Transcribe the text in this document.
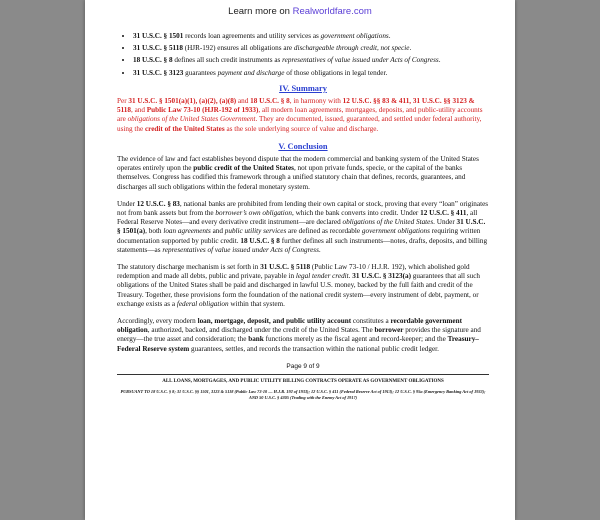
Learn more on Realworldfare.com
• 31 U.S.C. § 1501 records loan agreements and utility services as government obligations.
• 31 U.S.C. § 5118 (HJR-192) ensures all obligations are dischargeable through credit, not specie.
• 18 U.S.C. § 8 defines all such credit instruments as representatives of value issued under Acts of Congress.
• 31 U.S.C. § 3123 guarantees payment and discharge of those obligations in legal tender.
IV. Summary

Per 31 U.S.C. § 1501(a)(1), (a)(2), (a)(8) and 18 U.S.C. § 8, in harmony with 12 U.S.C. §§ 83 & 411, 31 U.S.C. §§ 3123 & 5118, and Public Law 73-10 (HJR-192 of 1933), all modern loan agreements, mortgages, deposits, and public-utility accounts are obligations of the United States Government. They are documented, issued, guaranteed, and settled under federal authority, using the credit of the United States as the sole underlying source of value and discharge.

V. Conclusion

The evidence of law and fact establishes beyond dispute that the modern commercial and banking system of the United States operates entirely upon the public credit of the United States, not upon private funds, specie, or the capital of the banks themselves. Congress has codified this framework through a unified statutory chain that defines, records, guarantees, and discharges all such obligations within the federal monetary system.

Under 12 U.S.C. § 83, national banks are prohibited from lending their own capital or stock, proving that every “loan” originates not from bank assets but from the borrower’s own obligation, which the bank converts into credit. Under 12 U.S.C. § 411, all Federal Reserve Notes—and every derivative credit instrument—are declared obligations of the United States. Under 31 U.S.C. § 1501(a), both loan agreements and public utility services are defined as recordable government obligations requiring written documentation supported by public credit. 18 U.S.C. § 8 further defines all such instruments—notes, drafts, deposits, and billing statements—as representatives of value issued under Acts of Congress.

The statutory discharge mechanism is set forth in 31 U.S.C. § 5118 (Public Law 73-10 / H.J.R. 192), which abolished gold redemption and made all debts, public and private, payable in legal tender credit. 31 U.S.C. § 3123(a) guarantees that all such obligations of the United States shall be paid and discharged in lawful U.S. money, backed by the full faith and credit of the Treasury. Together, these provisions form the foundation of the national credit system—every instrument of debt, payment, or exchange exists as a federal obligation within that system.

Accordingly, every modern loan, mortgage, deposit, and public utility account constitutes a recordable government obligation, authorized, backed, and discharged under the credit of the United States. The borrower provides the signature and energy—the true asset and consideration; the bank functions merely as the fiscal agent and record-keeper; and the Treasury–Federal Reserve system guarantees, settles, and records the transaction within the national public credit ledger.

Page 9 of 9
ALL LOANS, MORTGAGES, AND PUBLIC UTILITY BILLING CONTRACTS OPERATE AS GOVERNMENT OBLIGATIONS
PURSUANT TO 18 U.S.C. § 8; 31 U.S.C. §§ 1501, 3123 & 5118 (Public Law 73-10 — H.J.R. 192 of 1933); 12 U.S.C. § 411 (Federal Reserve Act of 1913); 12 U.S.C. § 95a (Emergency Banking Act of 1933); AND 50 U.S.C. § 4305 (Trading with the Enemy Act of 1917)
